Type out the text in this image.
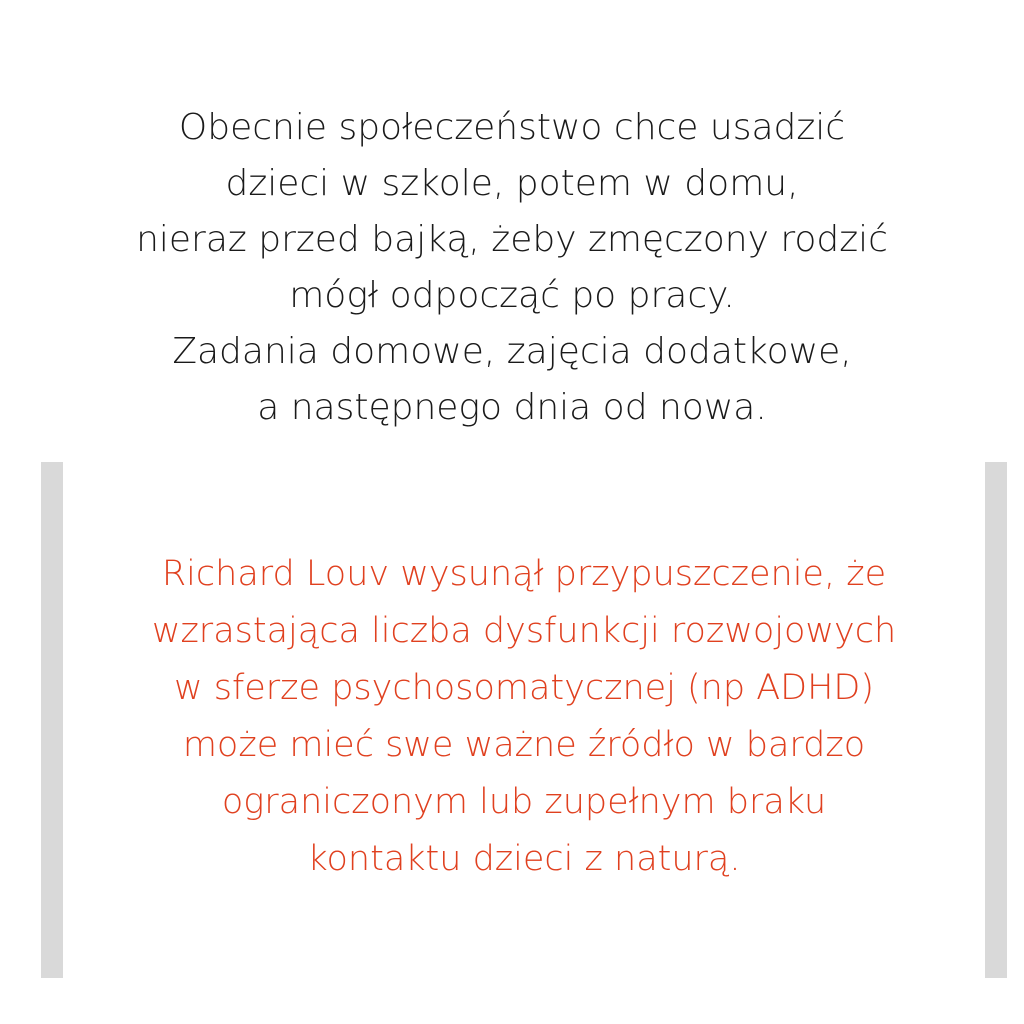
Obecnie społeczeństwo chce usadzić
dzieci w szkole, potem w domu,
nieraz przed bajką, żeby zmęczony rodzić
mógł odpocząć po pracy.
Zadania domowe, zajęcia dodatkowe,
a następnego dnia od nowa.
Richard Louv wysunął przypuszczenie, że
wzrastająca liczba dysfunkcji rozwojowych
w sferze psychosomatycznej (np ADHD)
może mieć swe ważne źródło w bardzo
ograniczonym lub zupełnym braku
kontaktu dzieci z naturą.
